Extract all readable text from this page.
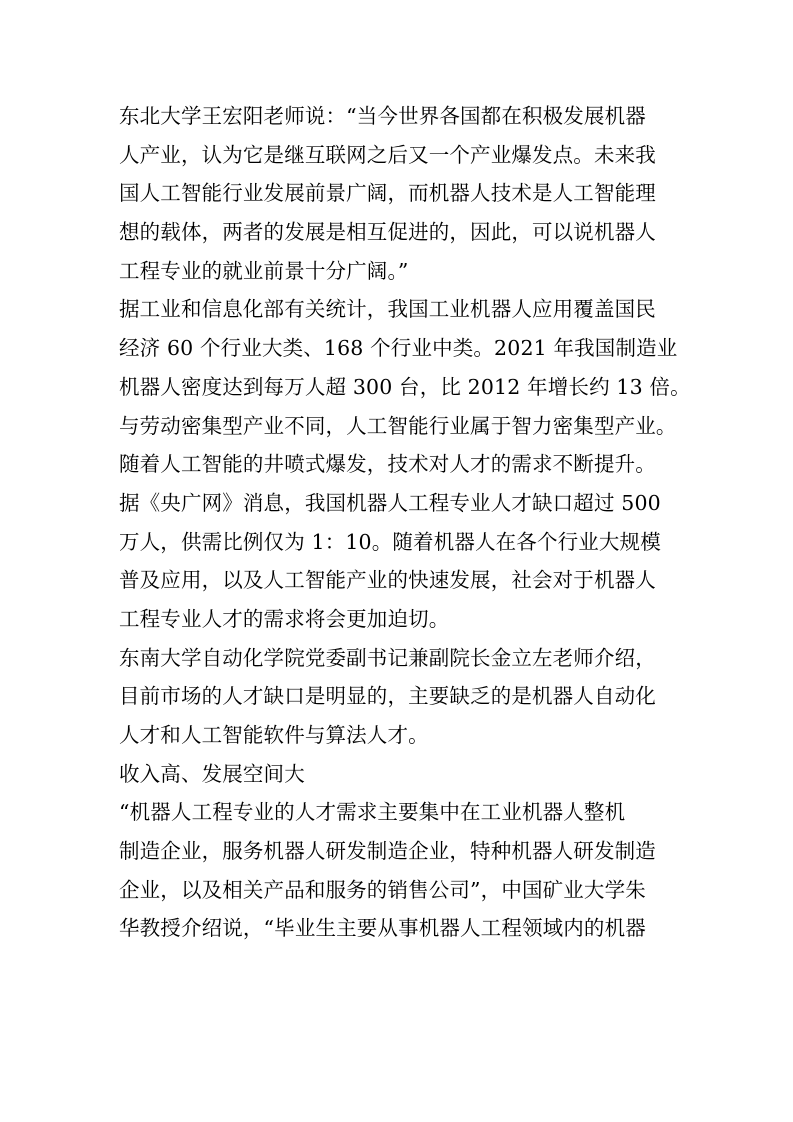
东北大学王宏阳老师说：“当今世界各国都在积极发展机器
人产业，认为它是继互联网之后又一个产业爆发点。未来我
国人工智能行业发展前景广阔，而机器人技术是人工智能理
想的载体，两者的发展是相互促进的，因此，可以说机器人
工程专业的就业前景十分广阔。”
据工业和信息化部有关统计，我国工业机器人应用覆盖国民
经济 60 个行业大类、168 个行业中类。2021 年我国制造业
机器人密度达到每万人超 300 台，比 2012 年增长约 13 倍。
与劳动密集型产业不同，人工智能行业属于智力密集型产业。
随着人工智能的井喷式爆发，技术对人才的需求不断提升。
据《央广网》消息，我国机器人工程专业人才缺口超过 500
万人，供需比例仅为 1：10。随着机器人在各个行业大规模
普及应用，以及人工智能产业的快速发展，社会对于机器人
工程专业人才的需求将会更加迫切。
东南大学自动化学院党委副书记兼副院长金立左老师介绍，
目前市场的人才缺口是明显的，主要缺乏的是机器人自动化
人才和人工智能软件与算法人才。
收入高、发展空间大
“机器人工程专业的人才需求主要集中在工业机器人整机
制造企业，服务机器人研发制造企业，特种机器人研发制造
企业，以及相关产品和服务的销售公司”，中国矿业大学朱
华教授介绍说，“毕业生主要从事机器人工程领域内的机器
